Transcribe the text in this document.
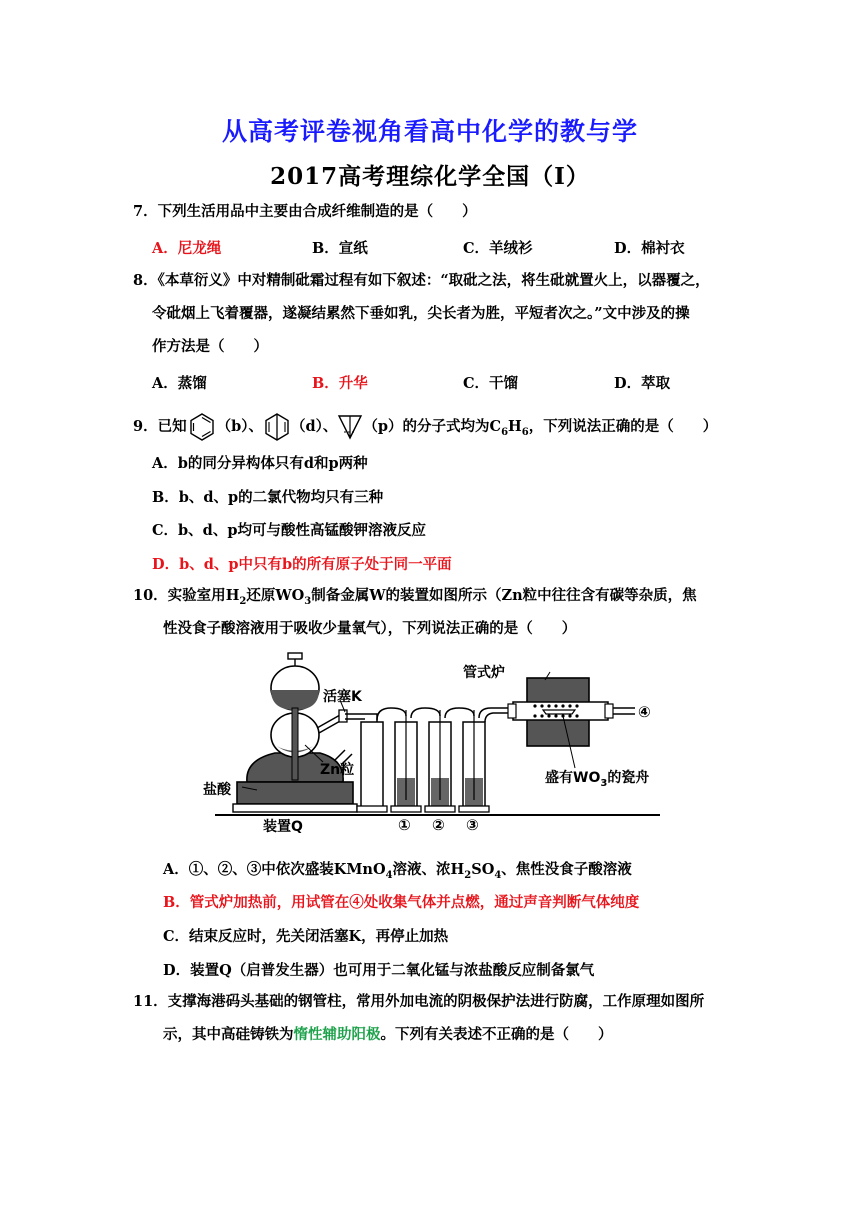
从高考评卷视角看高中化学的教与学
2017高考理综化学全国（I）
7．下列生活用品中主要由合成纤维制造的是（　　）
A．尼龙绳	B．宣纸	C．羊绒衫	D．棉衬衣
8．《本草衍义》中对精制砒霜过程有如下叙述：“取砒之法，将生砒就置火上，以器覆之，
令砒烟上飞着覆器，遂凝结累然下垂如乳，尖长者为胜，平短者次之。”文中涉及的操
作方法是（　　）
A．蒸馏	B．升华	C．干馏	D．萃取
9．已知 （b）、 （d）、 （p）的分子式均为$C_6H_6$，下列说法正确的是（　　）
A．b的同分异构体只有d和p两种
B．b、d、p的二氯代物均只有三种
C．b、d、p均可与酸性高锰酸钾溶液反应
D．b、d、p中只有b的所有原子处于同一平面
10．实验室用$H_2$还原$WO_3$制备金属W的装置如图所示（Zn粒中往往含有碳等杂质，焦
性没食子酸溶液用于吸收少量氧气），下列说法正确的是（　　）
管式炉
活塞K
Zn粒
盐酸
装置Q
盛有$WO_3$的瓷舟
① ② ③
④
A．①、②、③中依次盛装KMnO$_4$溶液、浓$H_2SO_4$、焦性没食子酸溶液
B．管式炉加热前，用试管在④处收集气体并点燃，通过声音判断气体纯度
C．结束反应时，先关闭活塞K，再停止加热
D．装置Q（启普发生器）也可用于二氧化锰与浓盐酸反应制备氯气
11．支撑海港码头基础的钢管柱，常用外加电流的阴极保护法进行防腐，工作原理如图所
示，其中高硅铸铁为惰性辅助阳极。下列有关表述不正确的是（　　）
